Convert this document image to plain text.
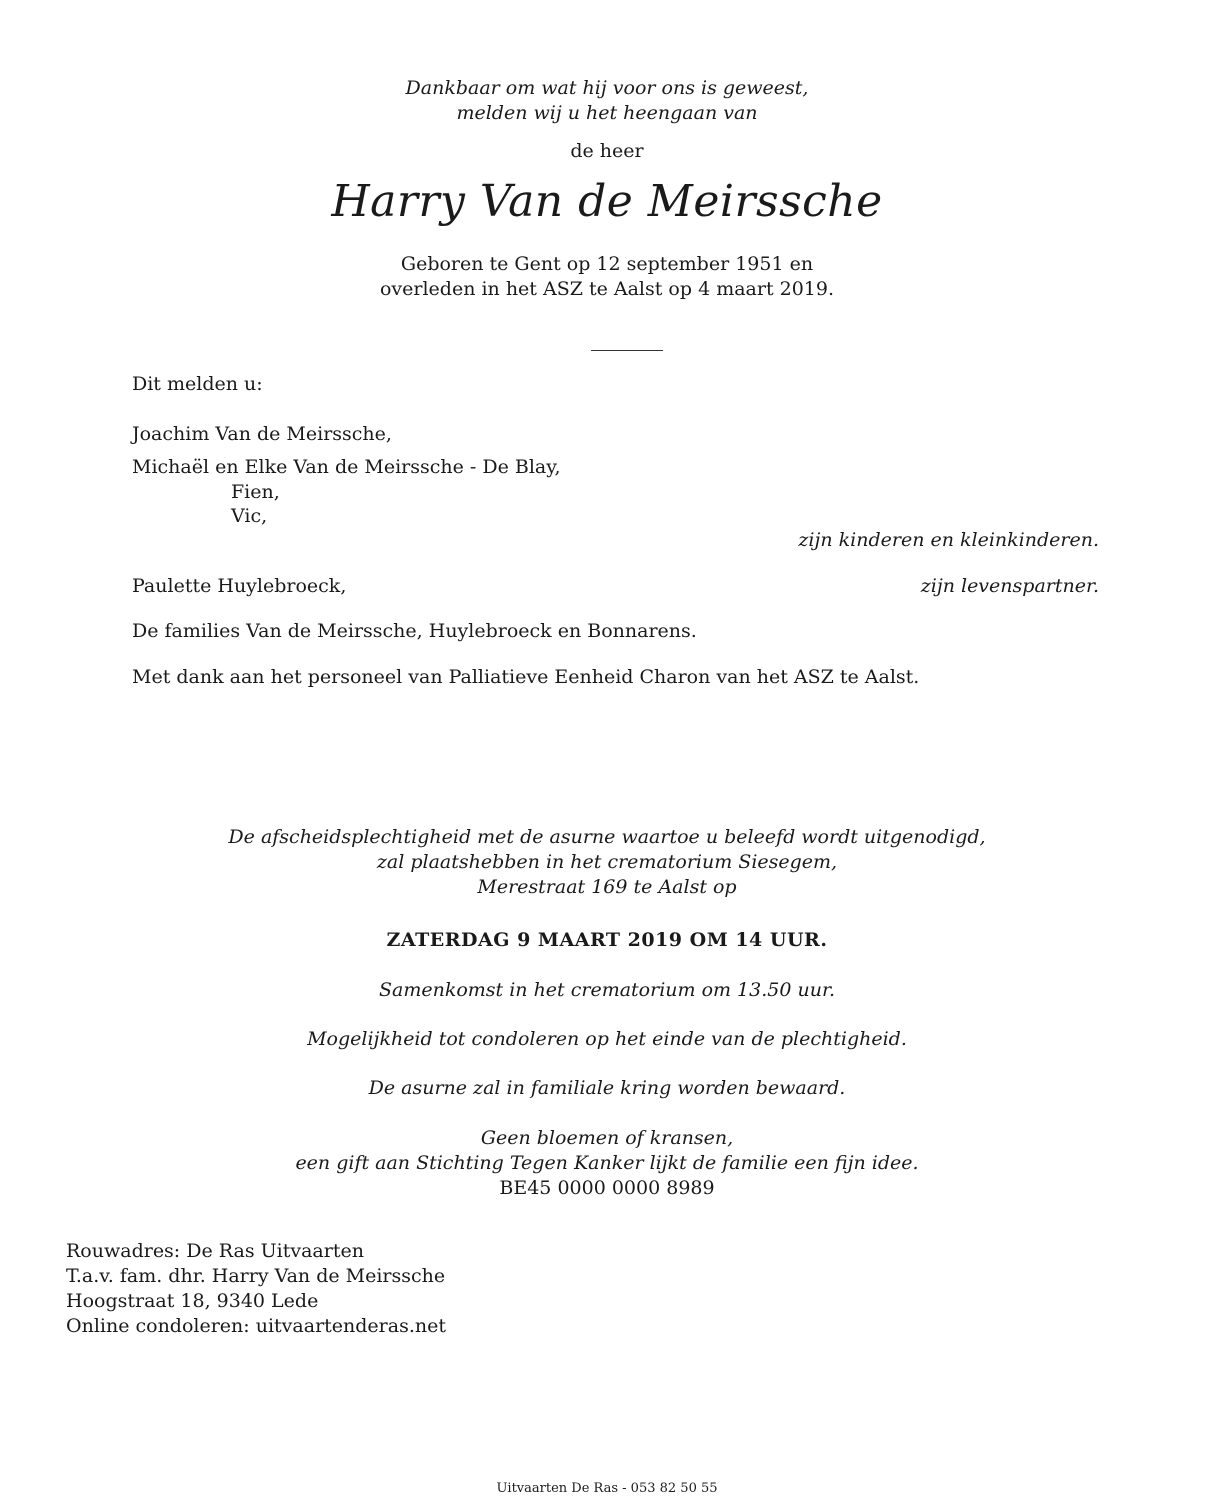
Dankbaar om wat hij voor ons is geweest,
melden wij u het heengaan van
de heer
Harry Van de Meirssche
Geboren te Gent op 12 september 1951 en
overleden in het ASZ te Aalst op 4 maart 2019.
Dit melden u:
Joachim Van de Meirssche,
Michaël en Elke Van de Meirssche - De Blay,
Fien,
Vic,
zijn kinderen en kleinkinderen.
Paulette Huylebroeck,	zijn levenspartner.
De families Van de Meirssche, Huylebroeck en Bonnarens.
Met dank aan het personeel van Palliatieve Eenheid Charon van het ASZ te Aalst.
De afscheidsplechtigheid met de asurne waartoe u beleefd wordt uitgenodigd,
zal plaatshebben in het crematorium Siesegem,
Merestraat 169 te Aalst op
ZATERDAG 9 MAART 2019 OM 14 UUR.
Samenkomst in het crematorium om 13.50 uur.
Mogelijkheid tot condoleren op het einde van de plechtigheid.
De asurne zal in familiale kring worden bewaard.
Geen bloemen of kransen,
een gift aan Stichting Tegen Kanker lijkt de familie een fijn idee.
BE45 0000 0000 8989
Rouwadres: De Ras Uitvaarten
T.a.v. fam. dhr. Harry Van de Meirssche
Hoogstraat 18, 9340 Lede
Online condoleren: uitvaartenderas.net
Uitvaarten De Ras - 053 82 50 55
